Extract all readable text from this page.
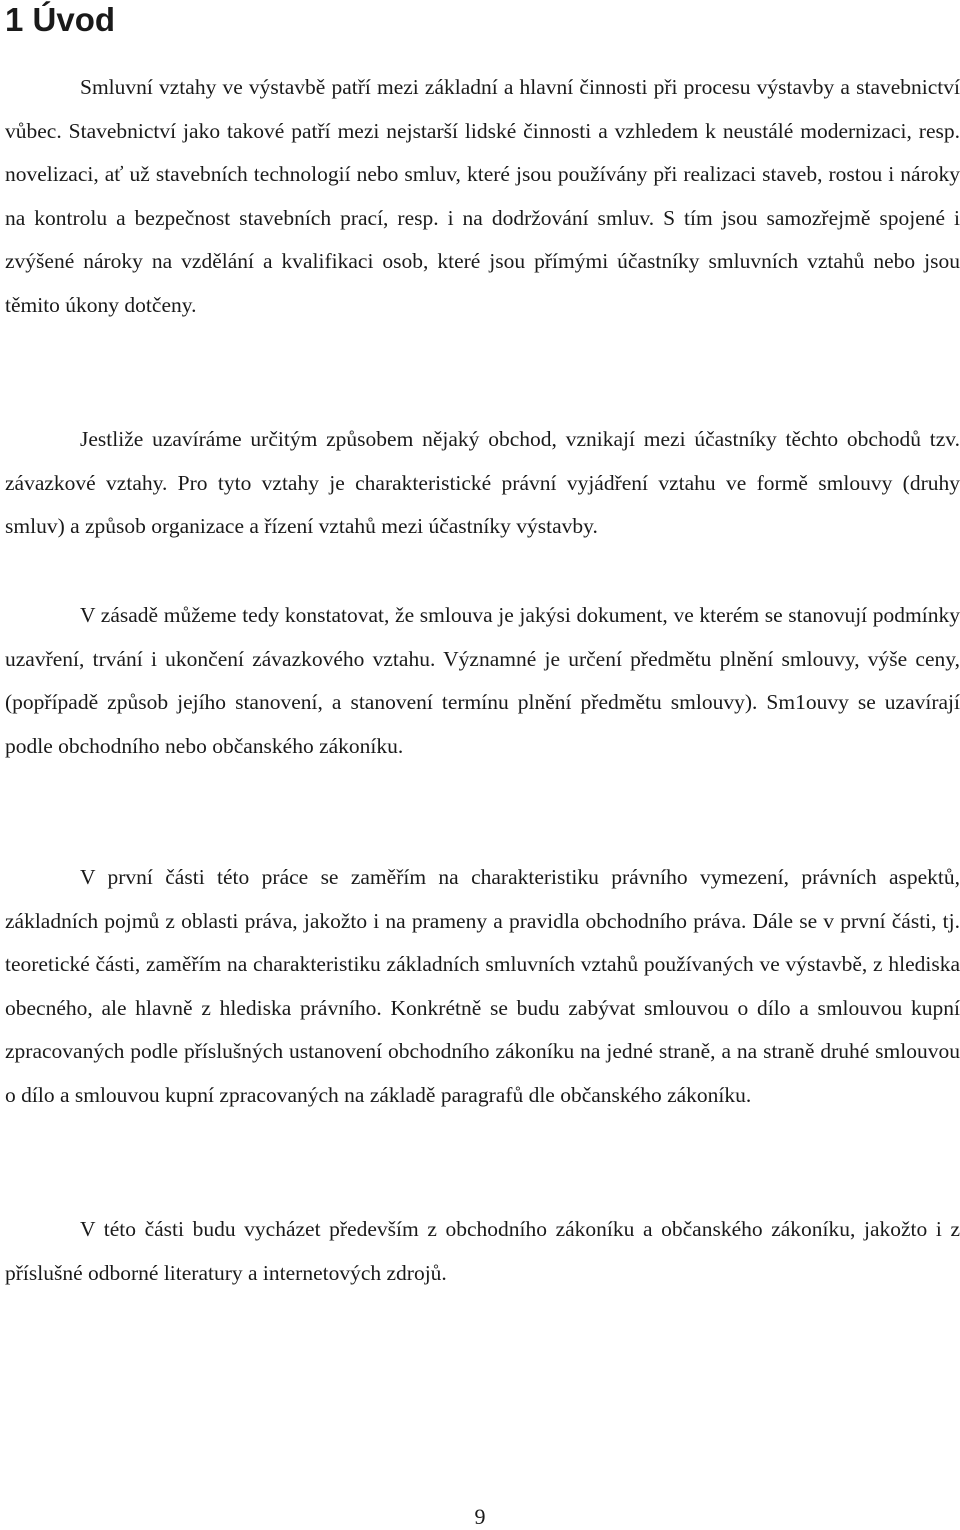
1 Úvod

Smluvní vztahy ve výstavbě patří mezi základní a hlavní činnosti při procesu výstavby a stavebnictví vůbec. Stavebnictví jako takové patří mezi nejstarší lidské činnosti a vzhledem k neustálé modernizaci, resp. novelizaci, ať už stavebních technologií nebo smluv, které jsou používány při realizaci staveb, rostou i nároky na kontrolu a bezpečnost stavebních prací, resp. i na dodržování smluv. S tím jsou samozřejmě spojené i zvýšené nároky na vzdělání a kvalifikaci osob, které jsou přímými účastníky smluvních vztahů nebo jsou těmito úkony dotčeny.

Jestliže uzavíráme určitým způsobem nějaký obchod, vznikají mezi účastníky těchto obchodů tzv. závazkové vztahy. Pro tyto vztahy je charakteristické právní vyjádření vztahu ve formě smlouvy (druhy smluv) a způsob organizace a řízení vztahů mezi účastníky výstavby.

V zásadě můžeme tedy konstatovat, že smlouva je jakýsi dokument, ve kterém se stanovují podmínky uzavření, trvání i ukončení závazkového vztahu. Významné je určení předmětu plnění smlouvy, výše ceny, (popřípadě způsob jejího stanovení, a stanovení termínu plnění předmětu smlouvy). Sm1ouvy se uzavírají podle obchodního nebo občanského zákoníku.

V první části této práce se zaměřím na charakteristiku právního vymezení, právních aspektů, základních pojmů z oblasti práva, jakožto i na prameny a pravidla obchodního práva. Dále se v první části, tj. teoretické části, zaměřím na charakteristiku základních smluvních vztahů používaných ve výstavbě, z hlediska obecného, ale hlavně z hlediska právního. Konkrétně se budu zabývat smlouvou o dílo a smlouvou kupní zpracovaných podle příslušných ustanovení obchodního zákoníku na jedné straně, a na straně druhé smlouvou o dílo a smlouvou kupní zpracovaných na základě paragrafů dle občanského zákoníku.

V této části budu vycházet především z obchodního zákoníku a občanského zákoníku, jakožto i z příslušné odborné literatury a internetových zdrojů.

9
